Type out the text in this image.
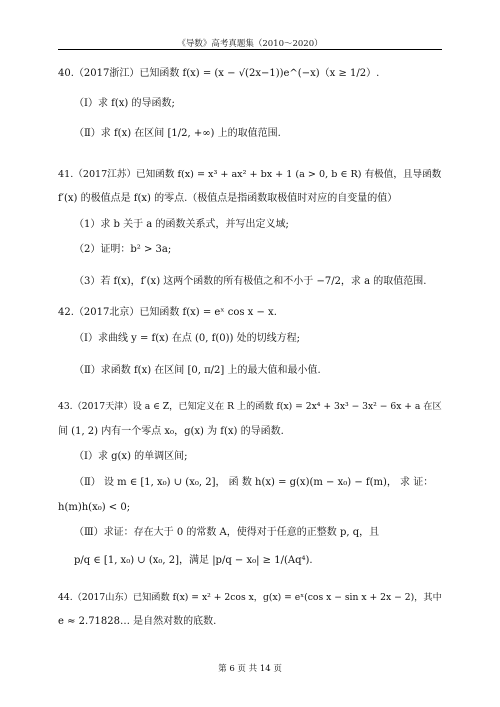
《导数》高考真题集（2010～2020）
40.（2017浙江）已知函数 f(x) = (x − √(2x−1))e^(−x)（x ≥ 1/2）.
（Ⅰ）求 f(x) 的导函数;
（Ⅱ）求 f(x) 在区间 [1/2, +∞) 上的取值范围.
41.（2017江苏）已知函数 f(x) = x³ + ax² + bx + 1 (a > 0, b ∈ R) 有极值，且导函数
f′(x) 的极值点是 f(x) 的零点.（极值点是指函数取极值时对应的自变量的值）
（1）求 b 关于 a 的函数关系式，并写出定义域;
（2）证明：b² > 3a;
（3）若 f(x)，f′(x) 这两个函数的所有极值之和不小于 −7/2，求 a 的取值范围.
42.（2017北京）已知函数 f(x) = eˣ cos x − x.
（Ⅰ）求曲线 y = f(x) 在点 (0, f(0)) 处的切线方程;
（Ⅱ）求函数 f(x) 在区间 [0, π/2] 上的最大值和最小值.
43.（2017天津）设 a ∈ Z，已知定义在 R 上的函数 f(x) = 2x⁴ + 3x³ − 3x² − 6x + a 在区
间 (1, 2) 内有一个零点 x₀，g(x) 为 f(x) 的导函数.
（Ⅰ）求 g(x) 的单调区间;
（Ⅱ） 设 m ∈ [1, x₀) ∪ (x₀, 2]， 函 数 h(x) = g(x)(m − x₀) − f(m)， 求 证：
h(m)h(x₀) < 0;
（Ⅲ）求证：存在大于 0 的常数 A，使得对于任意的正整数 p, q，且
p/q ∈ [1, x₀) ∪ (x₀, 2]，满足 |p/q − x₀| ≥ 1/(Aq⁴).
44.（2017山东）已知函数 f(x) = x² + 2cos x，g(x) = eˣ(cos x − sin x + 2x − 2)，其中
e ≈ 2.71828… 是自然对数的底数.
第 6 页 共 14 页
